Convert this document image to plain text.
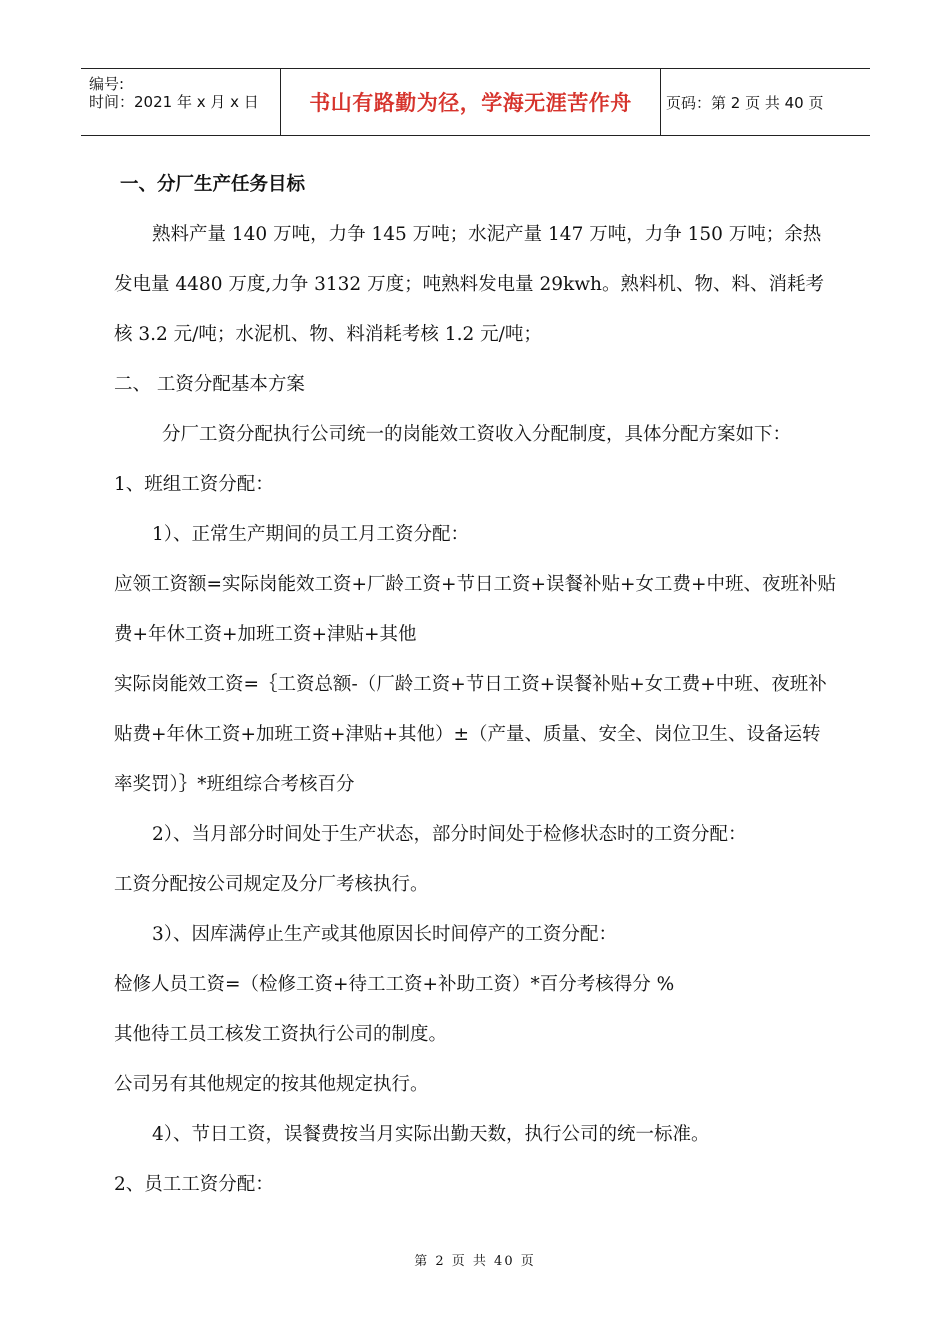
编号:
时间：2021 年 x 月 x 日 书山有路勤为径，学海无涯苦作舟 页码：第 2 页 共 40 页
一、分厂生产任务目标
熟料产量 140 万吨，力争 145 万吨；水泥产量 147 万吨，力争 150 万吨；余热
发电量 4480 万度,力争 3132 万度；吨熟料发电量 29kwh。熟料机、物、料、消耗考
核 3.2 元/吨；水泥机、物、料消耗考核 1.2 元/吨；
二、 工资分配基本方案
分厂工资分配执行公司统一的岗能效工资收入分配制度，具体分配方案如下：
1、班组工资分配：
1）、正常生产期间的员工月工资分配：
应领工资额=实际岗能效工资+厂龄工资+节日工资+误餐补贴+女工费+中班、夜班补贴
费+年休工资+加班工资+津贴+其他
实际岗能效工资=｛工资总额-（厂龄工资+节日工资+误餐补贴+女工费+中班、夜班补
贴费+年休工资+加班工资+津贴+其他）±（产量、质量、安全、岗位卫生、设备运转
率奖罚）｝*班组综合考核百分
2）、当月部分时间处于生产状态，部分时间处于检修状态时的工资分配：
工资分配按公司规定及分厂考核执行。
3）、因库满停止生产或其他原因长时间停产的工资分配：
检修人员工资=（检修工资+待工工资+补助工资）*百分考核得分 %
其他待工员工核发工资执行公司的制度。
公司另有其他规定的按其他规定执行。
4）、节日工资，误餐费按当月实际出勤天数，执行公司的统一标准。
2、员工工资分配：
第 2 页 共 40 页
